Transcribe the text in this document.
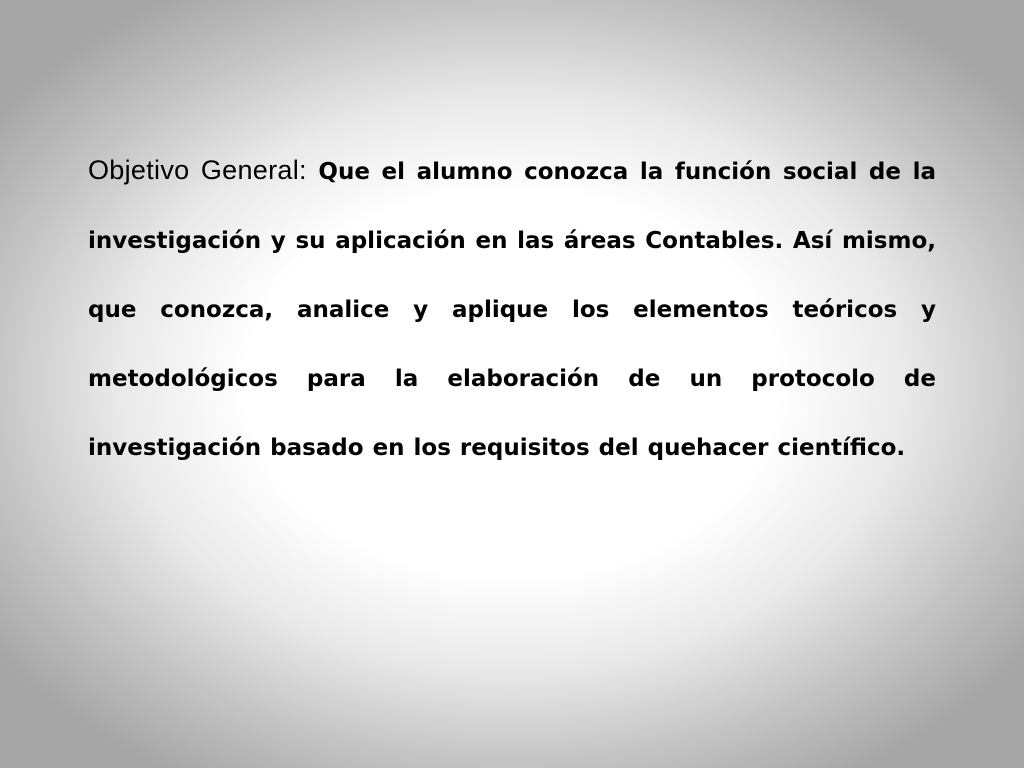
Objetivo General: Que el alumno conozca la función social de la investigación y su aplicación en las áreas Contables. Así mismo, que conozca, analice y aplique los elementos teóricos y metodológicos para la elaboración de un protocolo de investigación basado en los requisitos del quehacer científico.
